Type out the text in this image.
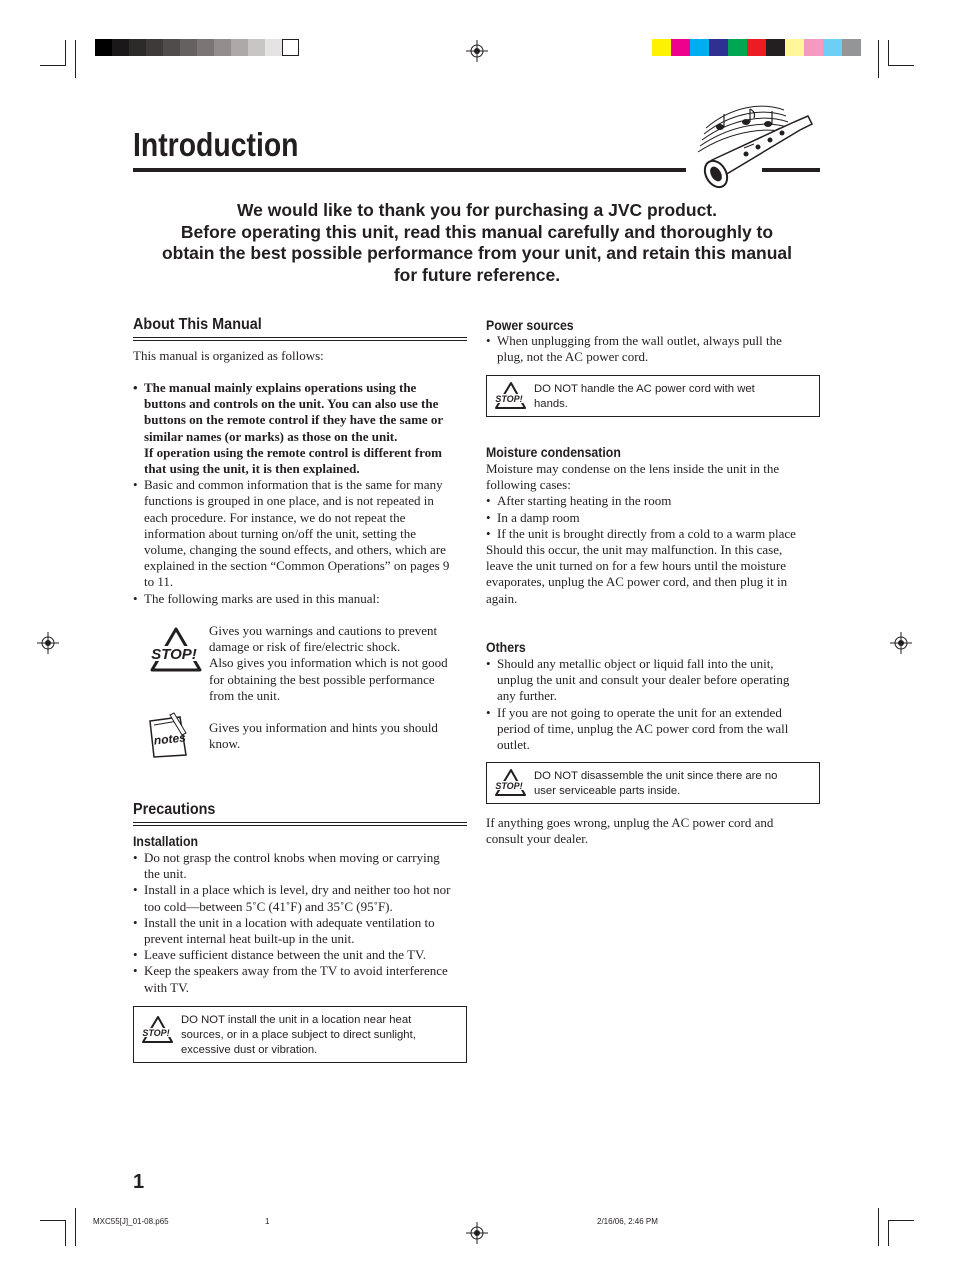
Introduction
We would like to thank you for purchasing a JVC product.
Before operating this unit, read this manual carefully and thoroughly to
obtain the best possible performance from your unit, and retain this manual
for future reference.
About This Manual
This manual is organized as follows:
• The manual mainly explains operations using the
buttons and controls on the unit. You can also use the
buttons on the remote control if they have the same or
similar names (or marks) as those on the unit.
If operation using the remote control is different from
that using the unit, it is then explained.
• Basic and common information that is the same for many
functions is grouped in one place, and is not repeated in
each procedure. For instance, we do not repeat the
information about turning on/off the unit, setting the
volume, changing the sound effects, and others, which are
explained in the section “Common Operations” on pages 9
to 11.
• The following marks are used in this manual:
STOP!
Gives you warnings and cautions to prevent
damage or risk of fire/electric shock.
Also gives you information which is not good
for obtaining the best possible performance
from the unit.
notes
Gives you information and hints you should
know.
Precautions
Installation
• Do not grasp the control knobs when moving or carrying
the unit.
• Install in a place which is level, dry and neither too hot nor
too cold—between 5˚C (41˚F) and 35˚C (95˚F).
• Install the unit in a location with adequate ventilation to
prevent internal heat built-up in the unit.
• Leave sufficient distance between the unit and the TV.
• Keep the speakers away from the TV to avoid interference
with TV.
STOP!
DO NOT install the unit in a location near heat
sources, or in a place subject to direct sunlight,
excessive dust or vibration.
Power sources
• When unplugging from the wall outlet, always pull the
plug, not the AC power cord.
STOP!
DO NOT handle the AC power cord with wet
hands.
Moisture condensation
Moisture may condense on the lens inside the unit in the
following cases:
• After starting heating in the room
• In a damp room
• If the unit is brought directly from a cold to a warm place
Should this occur, the unit may malfunction. In this case,
leave the unit turned on for a few hours until the moisture
evaporates, unplug the AC power cord, and then plug it in
again.
Others
• Should any metallic object or liquid fall into the unit,
unplug the unit and consult your dealer before operating
any further.
• If you are not going to operate the unit for an extended
period of time, unplug the AC power cord from the wall
outlet.
STOP!
DO NOT disassemble the unit since there are no
user serviceable parts inside.
If anything goes wrong, unplug the AC power cord and
consult your dealer.
1
MXC55[J]_01-08.p65	1	2/16/06, 2:46 PM
